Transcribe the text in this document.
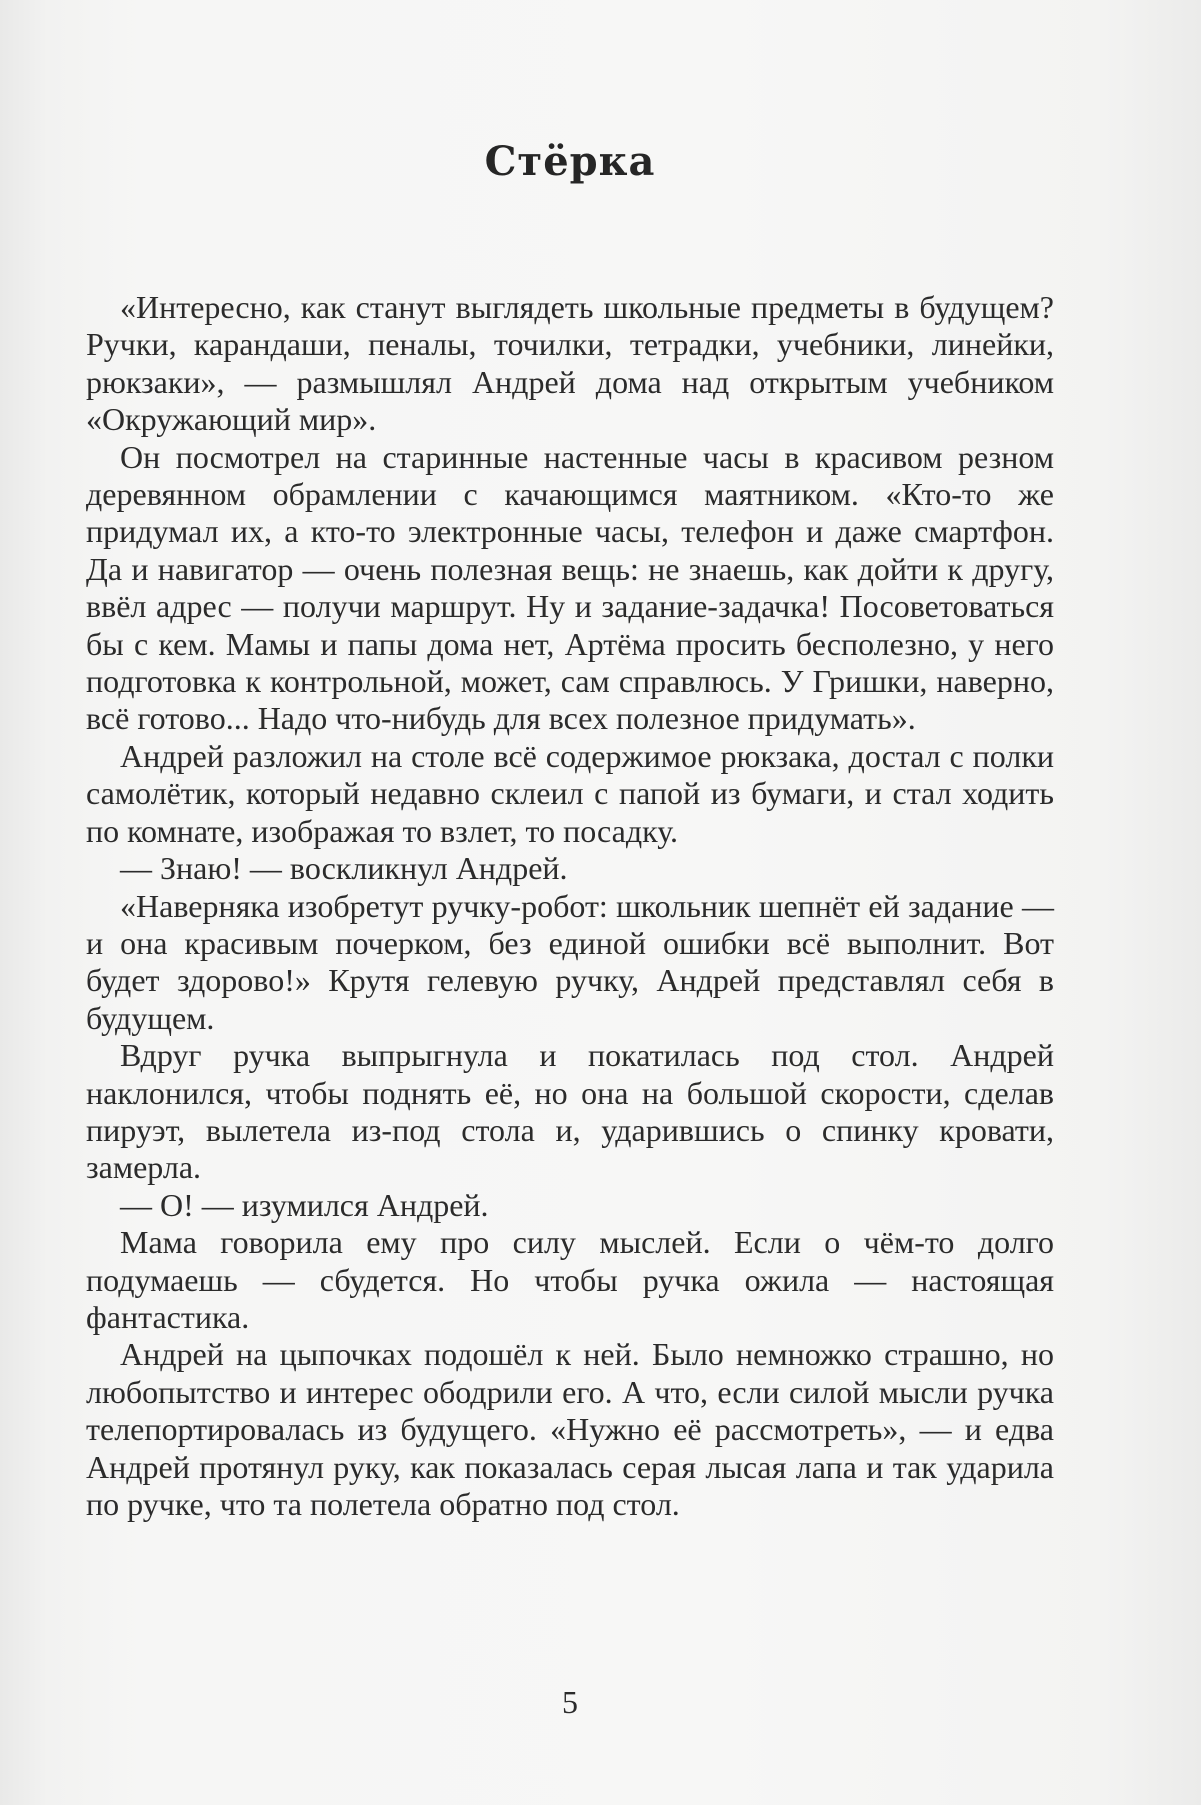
Стёрка

«Интересно, как станут выглядеть школьные предметы в будущем? Ручки, карандаши, пеналы, точилки, тетрадки, учебники, линейки, рюкзаки», — размышлял Андрей дома над открытым учебником «Окружающий мир».

Он посмотрел на старинные настенные часы в красивом резном деревянном обрамлении с качающимся маятником. «Кто-то же придумал их, а кто-то электронные часы, телефон и даже смартфон. Да и навигатор — очень полезная вещь: не знаешь, как дойти к другу, ввёл адрес — получи маршрут. Ну и задание-задачка! Посоветоваться бы с кем. Мамы и папы дома нет, Артёма просить бесполезно, у него подготовка к контрольной, может, сам справлюсь. У Гришки, наверно, всё готово... Надо что-нибудь для всех полезное придумать».

Андрей разложил на столе всё содержимое рюкзака, достал с полки самолётик, который недавно склеил с папой из бумаги, и стал ходить по комнате, изображая то взлет, то посадку.

— Знаю! — воскликнул Андрей.

«Наверняка изобретут ручку-робот: школьник шепнёт ей задание — и она красивым почерком, без единой ошибки всё выполнит. Вот будет здорово!» Крутя гелевую ручку, Андрей представлял себя в будущем.

Вдруг ручка выпрыгнула и покатилась под стол. Андрей наклонился, чтобы поднять её, но она на большой скорости, сделав пируэт, вылетела из-под стола и, ударившись о спинку кровати, замерла.

— О! — изумился Андрей.

Мама говорила ему про силу мыслей. Если о чём-то долго подумаешь — сбудется. Но чтобы ручка ожила — настоящая фантастика.

Андрей на цыпочках подошёл к ней. Было немножко страшно, но любопытство и интерес ободрили его. А что, если силой мысли ручка телепортировалась из будущего. «Нужно её рассмотреть», — и едва Андрей протянул руку, как показалась серая лысая лапа и так ударила по ручке, что та полетела обратно под стол.

5
